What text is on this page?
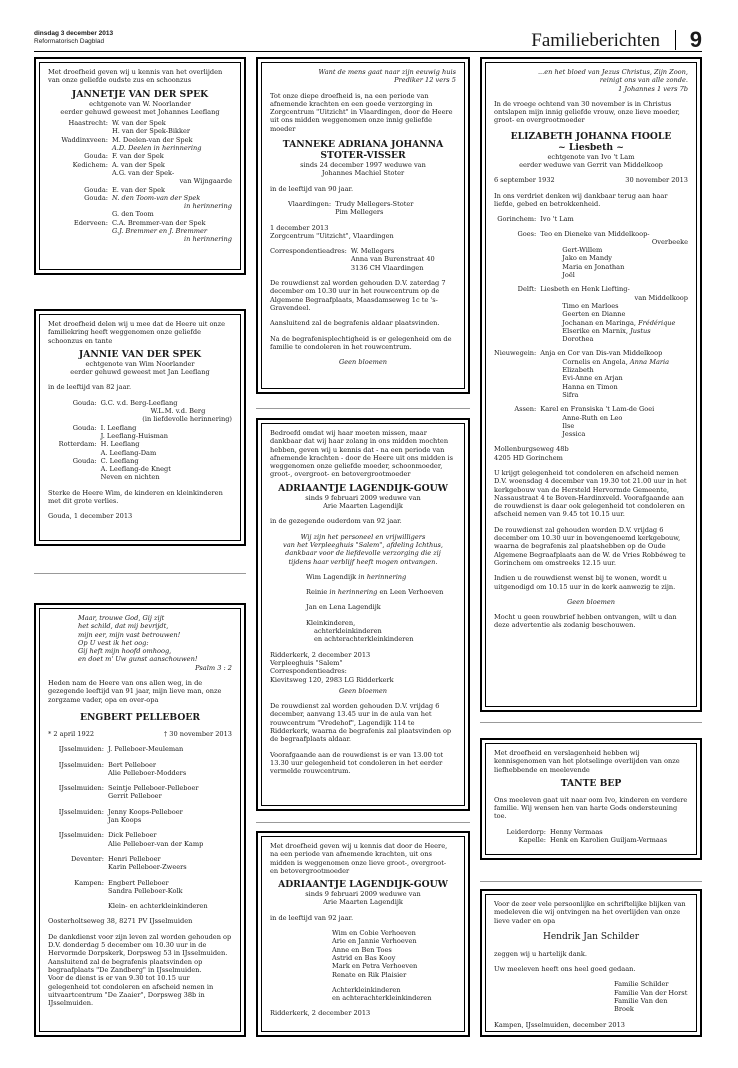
dinsdag 3 december 2013
Reformatorisch Dagblad	Familieberichten 9
Met droefheid geven wij u kennis van het overlijden van onze geliefde oudste zus en schoonzus
JANNETJE VAN DER SPEK
echtgenote van W. Noorlander
eerder gehuwd geweest met Johannes Leeflang
Haastrecht:	W. van der Spek
	H. van der Spek-Bikker
Waddinxveen:	M. Deelen-van der Spek
	A.D. Deelen in herinnering
Gouda:	F. van der Spek
Kedichem:	A. van der Spek
	A.G. van der Spek-
	van Wijngaarde
Gouda:	E. van der Spek
Gouda:	N. den Toom-van der Spek
	in herinnering
	G. den Toom
Ederveen:	C.A. Bremmer-van der Spek
	G.J. Bremmer en J. Bremmer
	in herinnering
Met droefheid delen wij u mee dat de Heere uit onze familiekring heeft weggenomen onze geliefde schoonzus en tante
JANNIE VAN DER SPEK
echtgenote van Wim Noorlander
eerder gehuwd geweest met Jan Leeflang
in de leeftijd van 82 jaar.
Gouda:	G.C. v.d. Berg-Leeflang
	W.L.M. v.d. Berg
	(in liefdevolle herinnering)
Gouda:	I. Leeflang
	J. Leeflang-Huisman
Rotterdam:	H. Leeflang
	A. Leeflang-Dam
Gouda:	C. Leeflang
	A. Leeflang-de Knegt
	Neven en nichten
Sterke de Heere Wim, de kinderen en kleinkinderen met dit grote verlies.
Gouda, 1 december 2013
Maar, trouwe God, Gij zijt
het schild, dat mij bevrijdt,
mijn eer, mijn vast betrouwen!
Op U vest ik het oog:
Gij heft mijn hoofd omhoog,
en doet m' Uw gunst aanschouwen!
Psalm 3 : 2
Heden nam de Heere van ons allen weg, in de gezegende leeftijd van 91 jaar, mijn lieve man, onze zorgzame vader, opa en over-opa
ENGBERT PELLEBOER
* 2 april 1922	† 30 november 2013
IJsselmuiden:	J. Pelleboer-Meuleman

IJsselmuiden:	Bert Pelleboer
	Alie Pelleboer-Modders

IJsselmuiden:	Seintje Pelleboer-Pelleboer
	Gerrit Pelleboer

IJsselmuiden:	Jenny Koops-Pelleboer
	Jan Koops

IJsselmuiden:	Dick Pelleboer
	Alie Pelleboer-van der Kamp

Deventer:	Henri Pelleboer
	Karin Pelleboer-Zweers

Kampen:	Engbert Pelleboer
	Sandra Pelleboer-Kolk

	Klein- en achterkleinkinderen
Oosterholtseweg 38, 8271 PV IJsselmuiden
De dankdienst voor zijn leven zal worden gehouden op D.V. donderdag 5 december om 10.30 uur in de Hervormde Dorpskerk, Dorpsweg 53 in IJsselmuiden. Aansluitend zal de begrafenis plaatsvinden op begraafplaats "De Zandberg" in IJsselmuiden.
Voor de dienst is er van 9.30 tot 10.15 uur gelegenheid tot condoleren en afscheid nemen in uitvaartcentrum "De Zaaier", Dorpsweg 38b in IJsselmuiden.
Want de mens gaat naar zijn eeuwig huis
Prediker 12 vers 5
Tot onze diepe droefheid is, na een periode van afnemende krachten en een goede verzorging in Zorgcentrum "Uitzicht" in Vlaardingen, door de Heere uit ons midden weggenomen onze innig geliefde moeder
TANNEKE ADRIANA JOHANNA
STOTER-VISSER
sinds 24 december 1997 weduwe van
Johannes Machiel Stoter
in de leeftijd van 90 jaar.
Vlaardingen:	Trudy Mellegers-Stoter
	Pim Mellegers
1 december 2013
Zorgcentrum "Uitzicht", Vlaardingen
Correspondentieadres:	W. Mellegers
	Anna van Burenstraat 40
	3136 CH Vlaardingen
De rouwdienst zal worden gehouden D.V. zaterdag 7 december om 10.30 uur in het rouwcentrum op de Algemene Begraafplaats, Maasdamseweg 1c te 's-Gravendeel.
Aansluitend zal de begrafenis aldaar plaatsvinden.
Na de begrafenisplechtigheid is er gelegenheid om de familie te condoleren in het rouwcentrum.
Geen bloemen
Bedroefd omdat wij haar moeten missen, maar dankbaar dat wij haar zolang in ons midden mochten hebben, geven wij u kennis dat - na een periode van afnemende krachten - door de Heere uit ons midden is weggenomen onze geliefde moeder, schoonmoeder, groot-, overgroot- en betovergrootmoeder
ADRIAANTJE LAGENDIJK-GOUW
sinds 9 februari 2009 weduwe van
Arie Maarten Lagendijk
in de gezegende ouderdom van 92 jaar.
Wij zijn het personeel en vrijwilligers
van het Verpleeghuis "Salem", afdeling Ichthus,
dankbaar voor de liefdevolle verzorging die zij
tijdens haar verblijf heeft mogen ontvangen.
Wim Lagendijk in herinnering
Reinie in herinnering en Leen Verhoeven
Jan en Lena Lagendijk
Kleinkinderen,
achterkleinkinderen
en achterachterkleinkinderen
Ridderkerk, 2 december 2013
Verpleeghuis "Salem"
Correspondentieadres:
Kievitsweg 120, 2983 LG Ridderkerk
Geen bloemen
De rouwdienst zal worden gehouden D.V. vrijdag 6 december, aanvang 13.45 uur in de aula van het rouwcentrum "Vredehof", Lagendijk 114 te Ridderkerk, waarna de begrafenis zal plaatsvinden op de begraafplaats aldaar.
Voorafgaande aan de rouwdienst is er van 13.00 tot 13.30 uur gelegenheid tot condoleren in het eerder vermelde rouwcentrum.
Met droefheid geven wij u kennis dat door de Heere, na een periode van afnemende krachten, uit ons midden is weggenomen onze lieve groot-, overgroot- en betovergrootmoeder
ADRIAANTJE LAGENDIJK-GOUW
sinds 9 februari 2009 weduwe van
Arie Maarten Lagendijk
in de leeftijd van 92 jaar.
Wim en Cobie Verhoeven
Arie en Jannie Verhoeven
Anne en Ben Toes
Astrid en Bas Kooy
Mark en Petra Verhoeven
Renate en Rik Plaisier
Achterkleinkinderen
en achterachterkleinkinderen
Ridderkerk, 2 december 2013
...en het bloed van Jezus Christus, Zijn Zoon,
reinigt ons van alle zonde.
1 Johannes 1 vers 7b
In de vroege ochtend van 30 november is in Christus ontslapen mijn innig geliefde vrouw, onze lieve moeder, groot- en overgrootmoeder
ELIZABETH JOHANNA FIOOLE
~ Liesbeth ~
echtgenote van Ivo 't Lam
eerder weduwe van Gerrit van Middelkoop
6 september 1932	30 november 2013
In ons verdriet denken wij dankbaar terug aan haar liefde, gebed en betrokkenheid.
Gorinchem:	Ivo 't Lam

Goes:	Teo en Dieneke van Middelkoop-
	Overbeeke
	Gert-Willem
	Jako en Mandy
	Maria en Jonathan
	Joël

Delft:	Liesbeth en Henk Liefting-
	van Middelkoop
	Timo en Marloes
	Geerten en Dianne
	Jochanan en Maringa, Frédérique
	Elserike en Marnix, Justus
	Dorothea

Nieuwegein:	Anja en Cor van Dis-van Middelkoop
	Cornelis en Angela, Anna Maria
	Elizabeth
	Evi-Anne en Arjan
	Hanna en Timon
	Sifra

Assen:	Karel en Fransiska 't Lam-de Goei
	Anne-Ruth en Leo
	Ilse
	Jessica
Mollenburgseweg 48b
4205 HD Gorinchem
U krijgt gelegenheid tot condoleren en afscheid nemen D.V. woensdag 4 december van 19.30 tot 21.00 uur in het kerkgebouw van de Hersteld Hervormde Gemeente, Nassaustraat 4 te Boven-Hardinxveld. Voorafgaande aan de rouwdienst is daar ook gelegenheid tot condoleren en afscheid nemen van 9.45 tot 10.15 uur.
De rouwdienst zal gehouden worden D.V. vrijdag 6 december om 10.30 uur in bovengenoemd kerkgebouw, waarna de begrafenis zal plaatshebben op de Oude Algemene Begraafplaats aan de W. de Vries Robbéweg te Gorinchem om omstreeks 12.15 uur.
Indien u de rouwdienst wenst bij te wonen, wordt u uitgenodigd om 10.15 uur in de kerk aanwezig te zijn.
Geen bloemen
Mocht u geen rouwbrief hebben ontvangen, wilt u dan deze advertentie als zodanig beschouwen.
Met droefheid en verslagenheid hebben wij kennisgenomen van het plotselinge overlijden van onze liefhebbende en meelevende
TANTE BEP
Ons meeleven gaat uit naar oom Ivo, kinderen en verdere familie. Wij wensen hen van harte Gods ondersteuning toe.
Leiderdorp:	Henny Vermaas
Kapelle:	Henk en Karolien Guiljam-Vermaas
Voor de zeer vele persoonlijke en schriftelijke blijken van medeleven die wij ontvingen na het overlijden van onze lieve vader en opa
Hendrik Jan Schilder
zeggen wij u hartelijk dank.
Uw meeleven heeft ons heel goed gedaan.
Familie Schilder
Familie Van der Horst
Familie Van den Broek
Kampen, IJsselmuiden, december 2013
